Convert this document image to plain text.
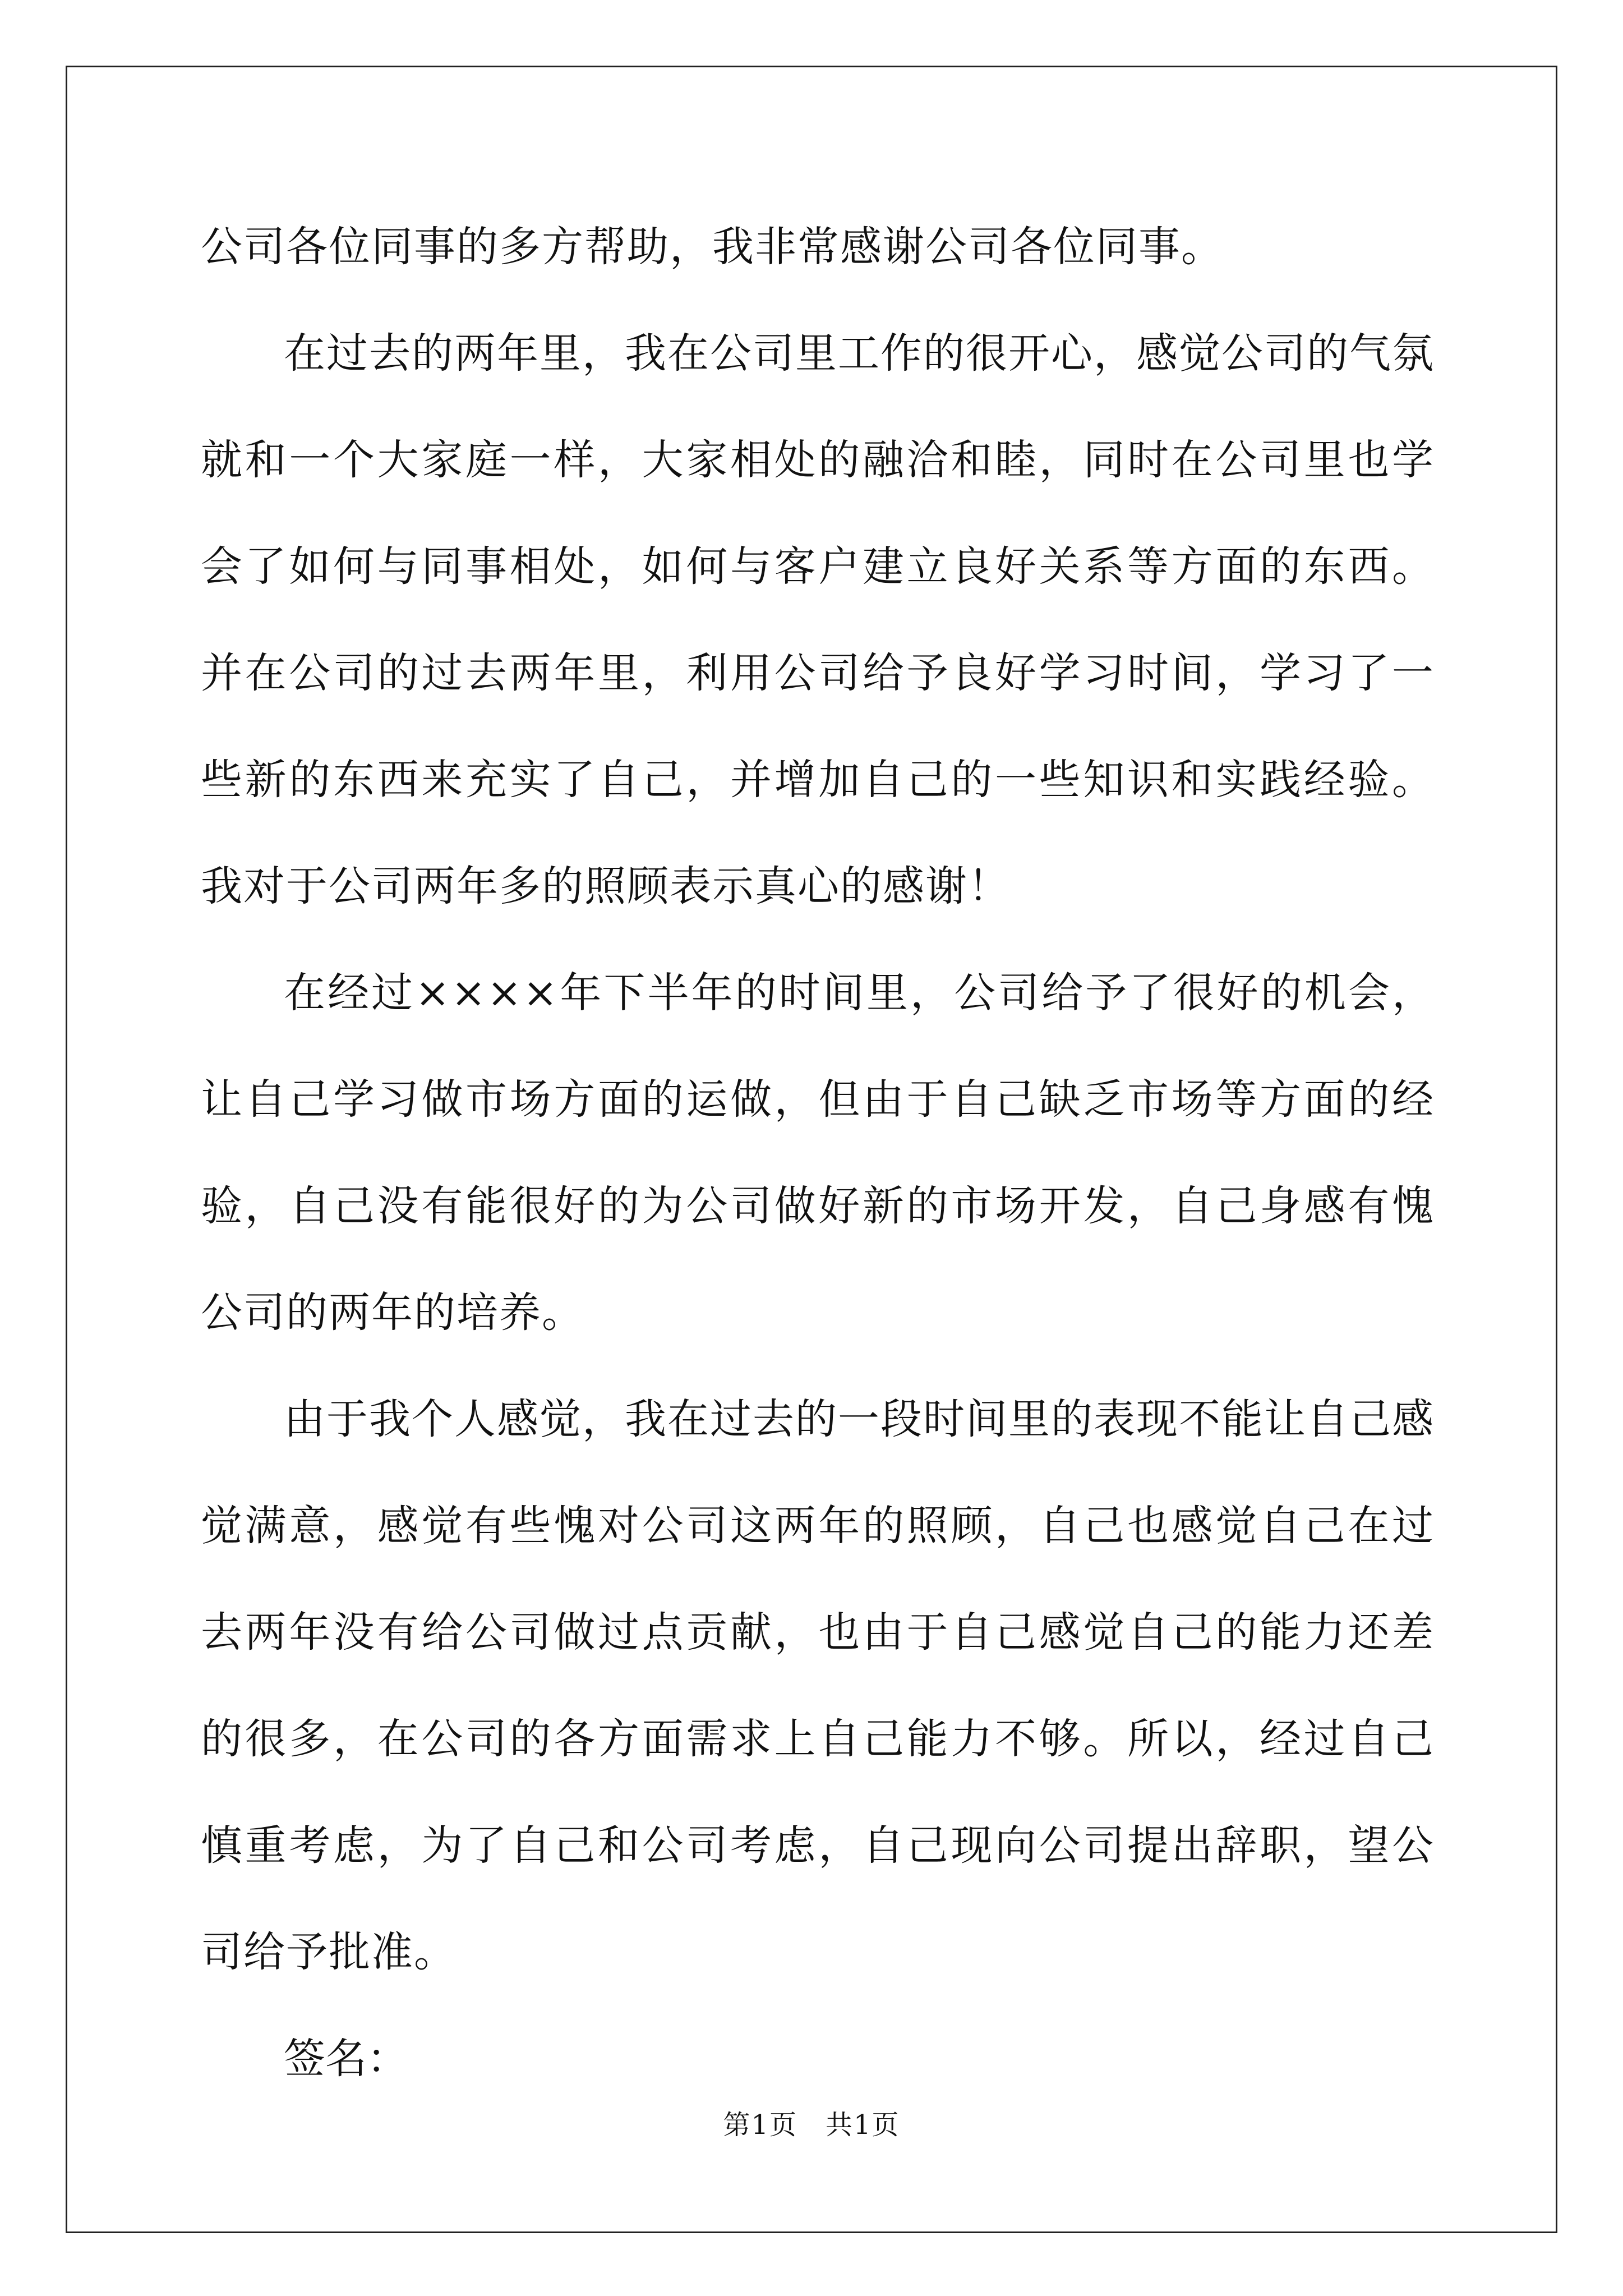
公司各位同事的多方帮助，我非常感谢公司各位同事。

在过去的两年里，我在公司里工作的很开心，感觉公司的气氛就和一个大家庭一样，大家相处的融洽和睦，同时在公司里也学会了如何与同事相处，如何与客户建立良好关系等方面的东西。并在公司的过去两年里，利用公司给予良好学习时间，学习了一些新的东西来充实了自己，并增加自己的一些知识和实践经验。我对于公司两年多的照顾表示真心的感谢！

在经过××××年下半年的时间里，公司给予了很好的机会，让自己学习做市场方面的运做，但由于自己缺乏市场等方面的经验，自己没有能很好的为公司做好新的市场开发，自己身感有愧公司的两年的培养。

由于我个人感觉，我在过去的一段时间里的表现不能让自己感觉满意，感觉有些愧对公司这两年的照顾，自己也感觉自己在过去两年没有给公司做过点贡献，也由于自己感觉自己的能力还差的很多，在公司的各方面需求上自己能力不够。所以，经过自己慎重考虑，为了自己和公司考虑，自己现向公司提出辞职，望公司给予批准。

签名：

第1页　共1页
